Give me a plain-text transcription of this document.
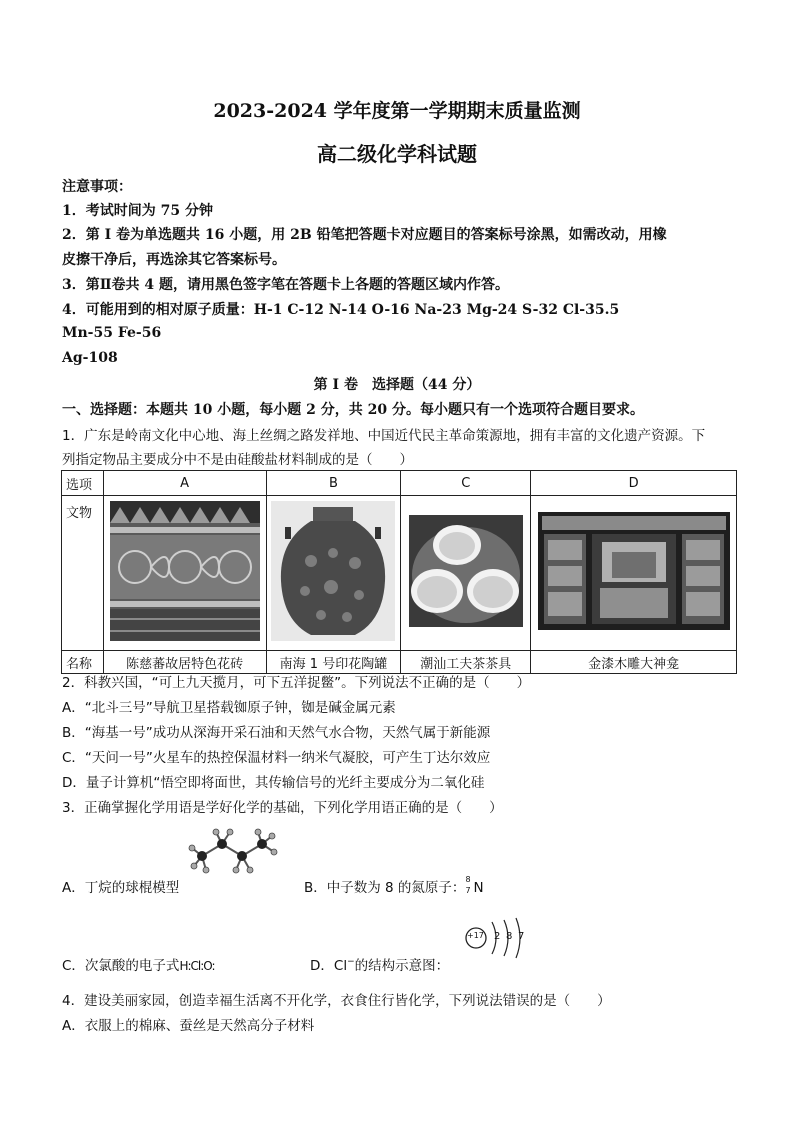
2023-2024 学年度第一学期期末质量监测
高二级化学科试题
注意事项：
1．考试时间为 75 分钟
2．第 I 卷为单选题共 16 小题，用 2B 铅笔把答题卡对应题目的答案标号涂黑，如需改动，用橡
皮擦干净后，再选涂其它答案标号。
3．第Ⅱ卷共 4 题，请用黑色签字笔在答题卡上各题的答题区域内作答。
4．可能用到的相对原子质量：H-1 C-12 N-14 O-16 Na-23 Mg-24 S-32 Cl-35.5
Mn-55 Fe-56
Ag-108
第 I 卷　选择题（44 分）
一、选择题：本题共 10 小题，每小题 2 分，共 20 分。每小题只有一个选项符合题目要求。
1．广东是岭南文化中心地、海上丝绸之路发祥地、中国近代民主革命策源地，拥有丰富的文化遗产资源。下
列指定物品主要成分中不是由硅酸盐材料制成的是（　　）
选项	A	B	C	D
文物				
名称	陈慈蕃故居特色花砖	南海 1 号印花陶罐	潮汕工夫茶茶具	金漆木雕大神龛
2．科教兴国，“可上九天揽月，可下五洋捉鳖”。下列说法不正确的是（　　）
A．“北斗三号”导航卫星搭载铷原子钟，铷是碱金属元素
B．“海基一号”成功从深海开采石油和天然气水合物，天然气属于新能源
C．“天问一号”火星车的热控保温材料一纳米气凝胶，可产生丁达尔效应
D．量子计算机“悟空即将面世，其传输信号的光纤主要成分为二氧化硅
3．正确掌握化学用语是学好化学的基础，下列化学用语正确的是（　　）
A．丁烷的球棍模型	B．中子数为 8 的氮原子：
8
7 N
C．次氯酸的电子式H:Cl:O:	D．Cl−的结构示意图：
+17 2 8 7
4．建设美丽家园，创造幸福生活离不开化学，衣食住行皆化学，下列说法错误的是（　　）
A．衣服上的棉麻、蚕丝是天然高分子材料
